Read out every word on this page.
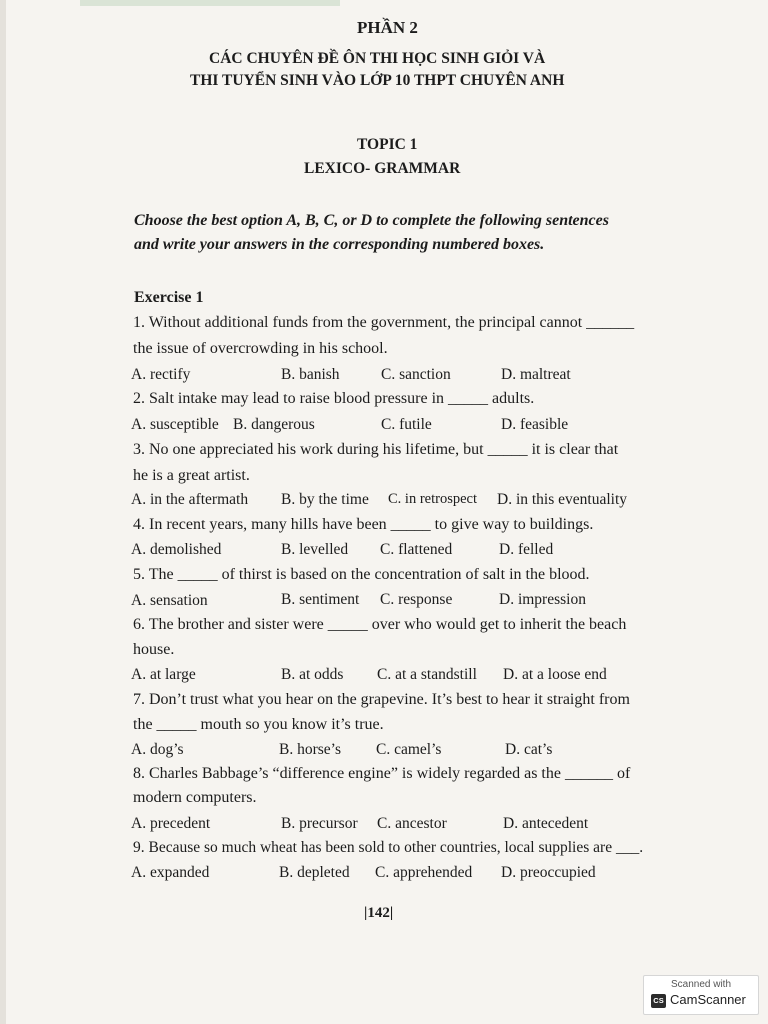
PHẦN 2
CÁC CHUYÊN ĐỀ ÔN THI HỌC SINH GIỎI VÀ
THI TUYỂN SINH VÀO LỚP 10 THPT CHUYÊN ANH
TOPIC 1
LEXICO- GRAMMAR
Choose the best option A, B, C, or D to complete the following sentences
and write your answers in the corresponding numbered boxes.
Exercise 1
1. Without additional funds from the government, the principal cannot ______
the issue of overcrowding in his school.
A. rectify	B. banish	C. sanction	D. maltreat
2. Salt intake may lead to raise blood pressure in _____ adults.
A. susceptible B. dangerous	C. futile	D. feasible
3. No one appreciated his work during his lifetime, but _____ it is clear that
he is a great artist.
A. in the aftermath B. by the time C. in retrospect D. in this eventuality
4. In recent years, many hills have been _____ to give way to buildings.
A. demolished	B. levelled C. flattened	D. felled
5. The _____ of thirst is based on the concentration of salt in the blood.
A. sensation	B. sentiment C. response	D. impression
6. The brother and sister were _____ over who would get to inherit the beach
house.
A. at large	B. at odds C. at a standstill D. at a loose end
7. Don’t trust what you hear on the grapevine. It’s best to hear it straight from
the _____ mouth so you know it’s true.
A. dog’s	B. horse’s C. camel’s	D. cat’s
8. Charles Babbage’s “difference engine” is widely regarded as the ______ of
modern computers.
A. precedent	B. precursor C. ancestor	D. antecedent
9. Because so much wheat has been sold to other countries, local supplies are ___.
A. expanded	B. depleted C. apprehended D. preoccupied
|142|
Scanned with
CS CamScanner
